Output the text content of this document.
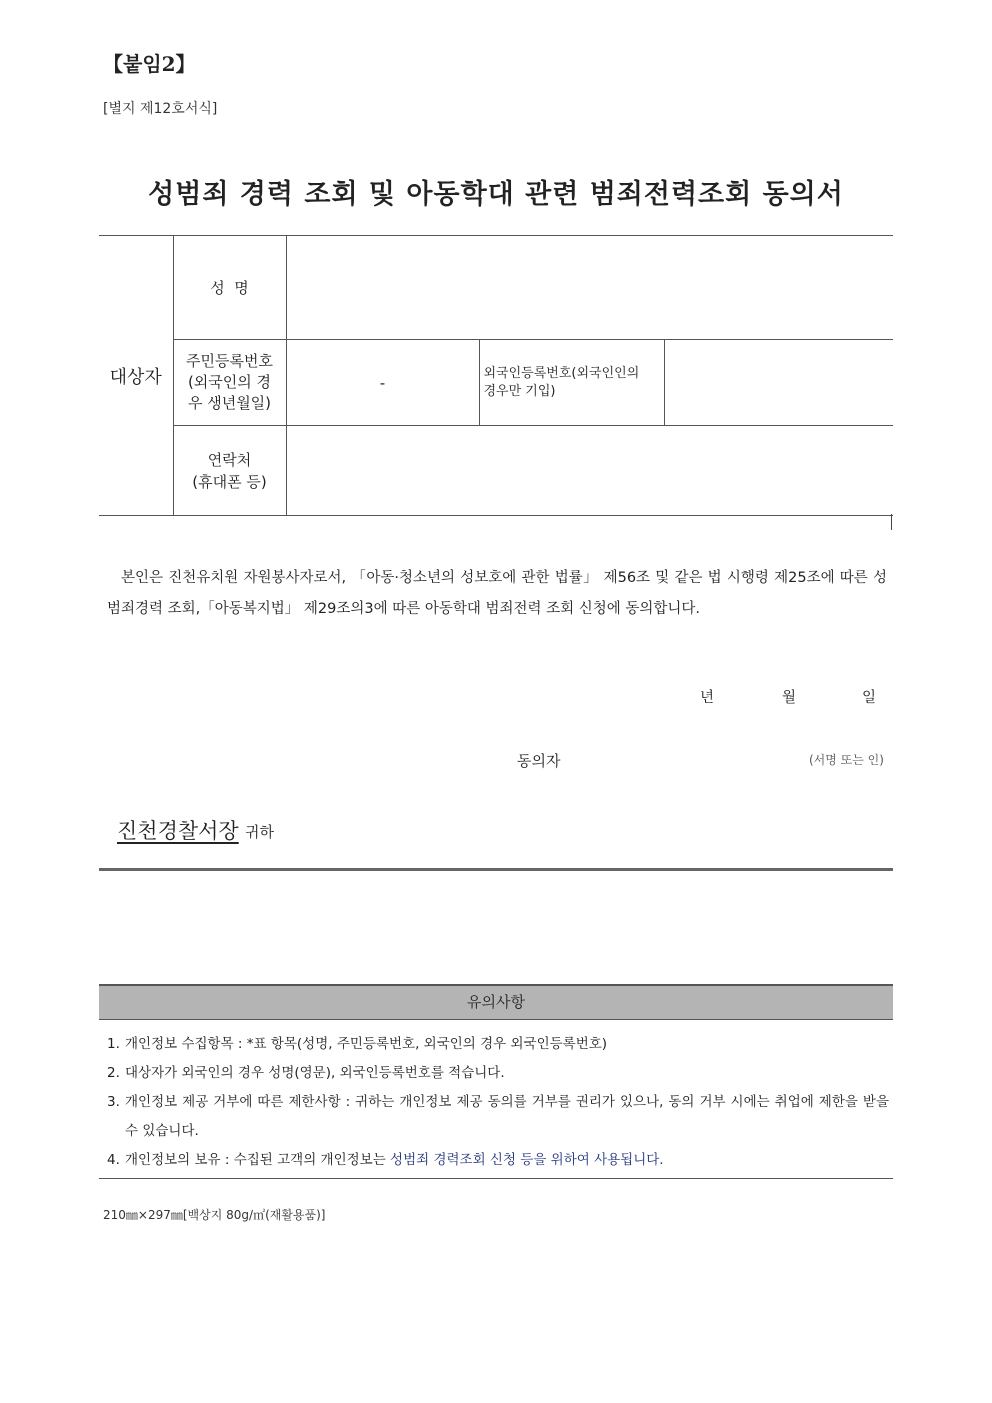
【붙임2】
[별지 제12호서식]
성범죄 경력 조회 및 아동학대 관련 범죄전력조회 동의서
대상자	성  명			
	주민등록번호
(외국인의 경
우 생년월일)	-	외국인등록번호(외국인인의
경우만 기입)	
	연락처
(휴대폰 등)			
본인은 진천유치원 자원봉사자로서, 「아동·청소년의 성보호에 관한 법률」 제56조 및 같은 법 시행령 제25조에 따른 성범죄경력 조회,「아동복지법」 제29조의3에 따른 아동학대 범죄전력 조회 신청에 동의합니다.
년	월	일
동의자	(서명 또는 인)
진천경찰서장 귀하
유의사항
1. 개인정보 수집항목 : *표 항목(성명, 주민등록번호, 외국인의 경우 외국인등록번호)
2. 대상자가 외국인의 경우 성명(영문), 외국인등록번호를 적습니다.
3. 개인정보 제공 거부에 따른 제한사항 : 귀하는 개인정보 제공 동의를 거부를 권리가 있으나, 동의 거부 시에는 취업에 제한을 받을 수 있습니다.
4. 개인정보의 보유 : 수집된 고객의 개인정보는 성범죄 경력조회 신청 등을 위하여 사용됩니다.
210㎜×297㎜[백상지 80g/㎡(재활용품)]
